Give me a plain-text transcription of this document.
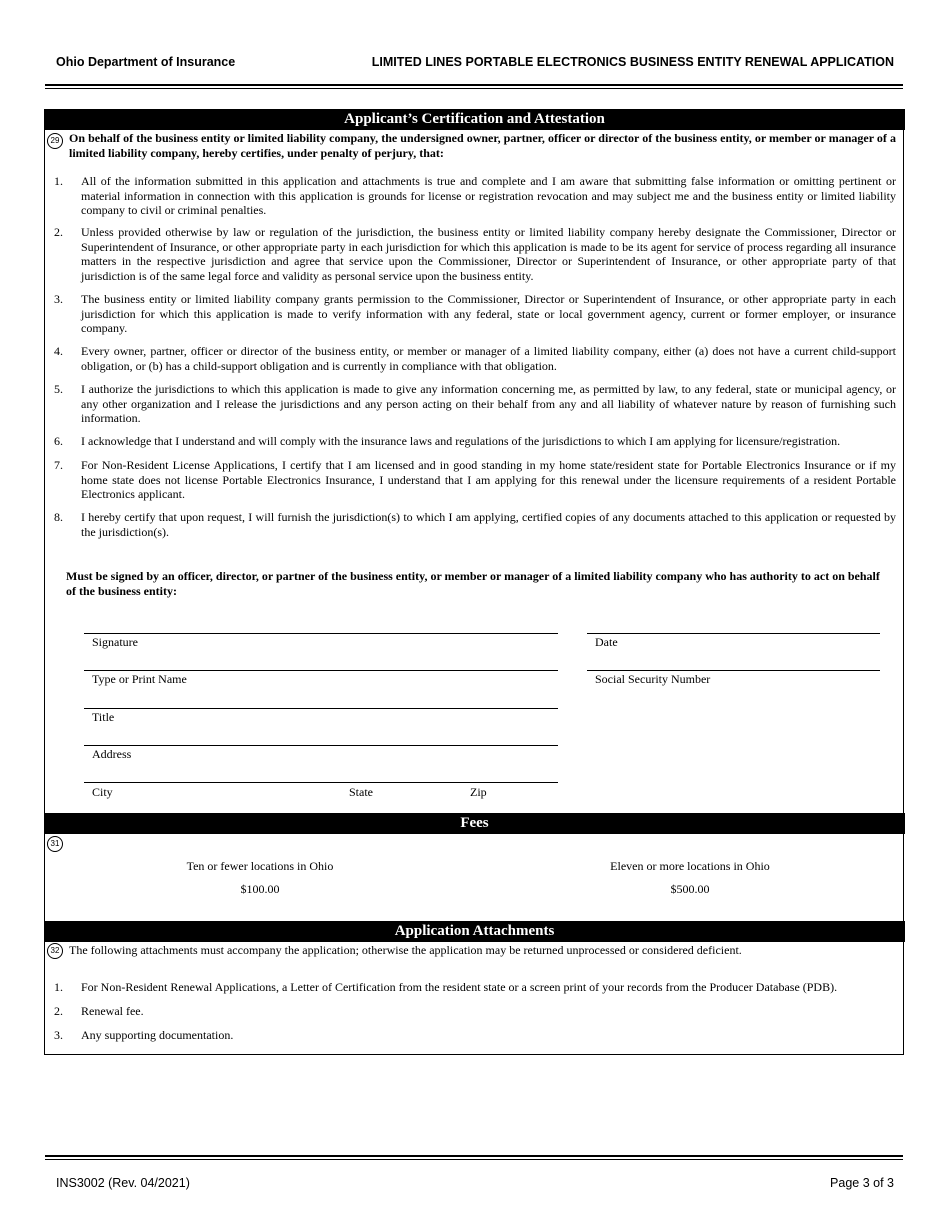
Ohio Department of Insurance	LIMITED LINES PORTABLE ELECTRONICS BUSINESS ENTITY RENEWAL APPLICATION
Applicant’s Certification and Attestation
29 On behalf of the business entity or limited liability company, the undersigned owner, partner, officer or director of the business entity, or member or manager of a limited liability company, hereby certifies, under penalty of perjury, that:
1. All of the information submitted in this application and attachments is true and complete and I am aware that submitting false information or omitting pertinent or material information in connection with this application is grounds for license or registration revocation and may subject me and the business entity or limited liability company to civil or criminal penalties.
2. Unless provided otherwise by law or regulation of the jurisdiction, the business entity or limited liability company hereby designate the Commissioner, Director or Superintendent of Insurance, or other appropriate party in each jurisdiction for which this application is made to be its agent for service of process regarding all insurance matters in the respective jurisdiction and agree that service upon the Commissioner, Director or Superintendent of Insurance, or other appropriate party of that jurisdiction is of the same legal force and validity as personal service upon the business entity.
3. The business entity or limited liability company grants permission to the Commissioner, Director or Superintendent of Insurance, or other appropriate party in each jurisdiction for which this application is made to verify information with any federal, state or local government agency, current or former employer, or insurance company.
4. Every owner, partner, officer or director of the business entity, or member or manager of a limited liability company, either (a) does not have a current child-support obligation, or (b) has a child-support obligation and is currently in compliance with that obligation.
5. I authorize the jurisdictions to which this application is made to give any information concerning me, as permitted by law, to any federal, state or municipal agency, or any other organization and I release the jurisdictions and any person acting on their behalf from any and all liability of whatever nature by reason of furnishing such information.
6. I acknowledge that I understand and will comply with the insurance laws and regulations of the jurisdictions to which I am applying for licensure/registration.
7. For Non-Resident License Applications, I certify that I am licensed and in good standing in my home state/resident state for Portable Electronics Insurance or if my home state does not license Portable Electronics Insurance, I understand that I am applying for this renewal under the licensure requirements of a resident Portable Electronics applicant.
8. I hereby certify that upon request, I will furnish the jurisdiction(s) to which I am applying, certified copies of any documents attached to this application or requested by the jurisdiction(s).
Must be signed by an officer, director, or partner of the business entity, or member or manager of a limited liability company who has authority to act on behalf of the business entity:
Signature	Date
Type or Print Name	Social Security Number
Title
Address
City	State	Zip
Fees
31
Ten or fewer locations in Ohio
$100.00
Eleven or more locations in Ohio
$500.00
Application Attachments
32 The following attachments must accompany the application; otherwise the application may be returned unprocessed or considered deficient.
1. For Non-Resident Renewal Applications, a Letter of Certification from the resident state or a screen print of your records from the Producer Database (PDB).
2. Renewal fee.
3. Any supporting documentation.
INS3002 (Rev. 04/2021)	Page 3 of 3
